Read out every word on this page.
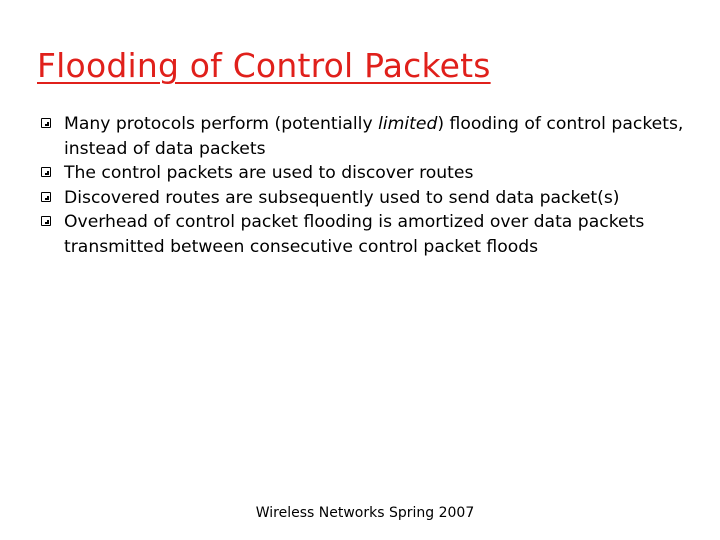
Flooding of Control Packets
Many protocols perform (potentially limited) flooding of control packets, instead of data packets
The control packets are used to discover routes
Discovered routes are subsequently used to send data packet(s)
Overhead of control packet flooding is amortized over data packets transmitted between consecutive control packet floods
Wireless Networks Spring 2007
